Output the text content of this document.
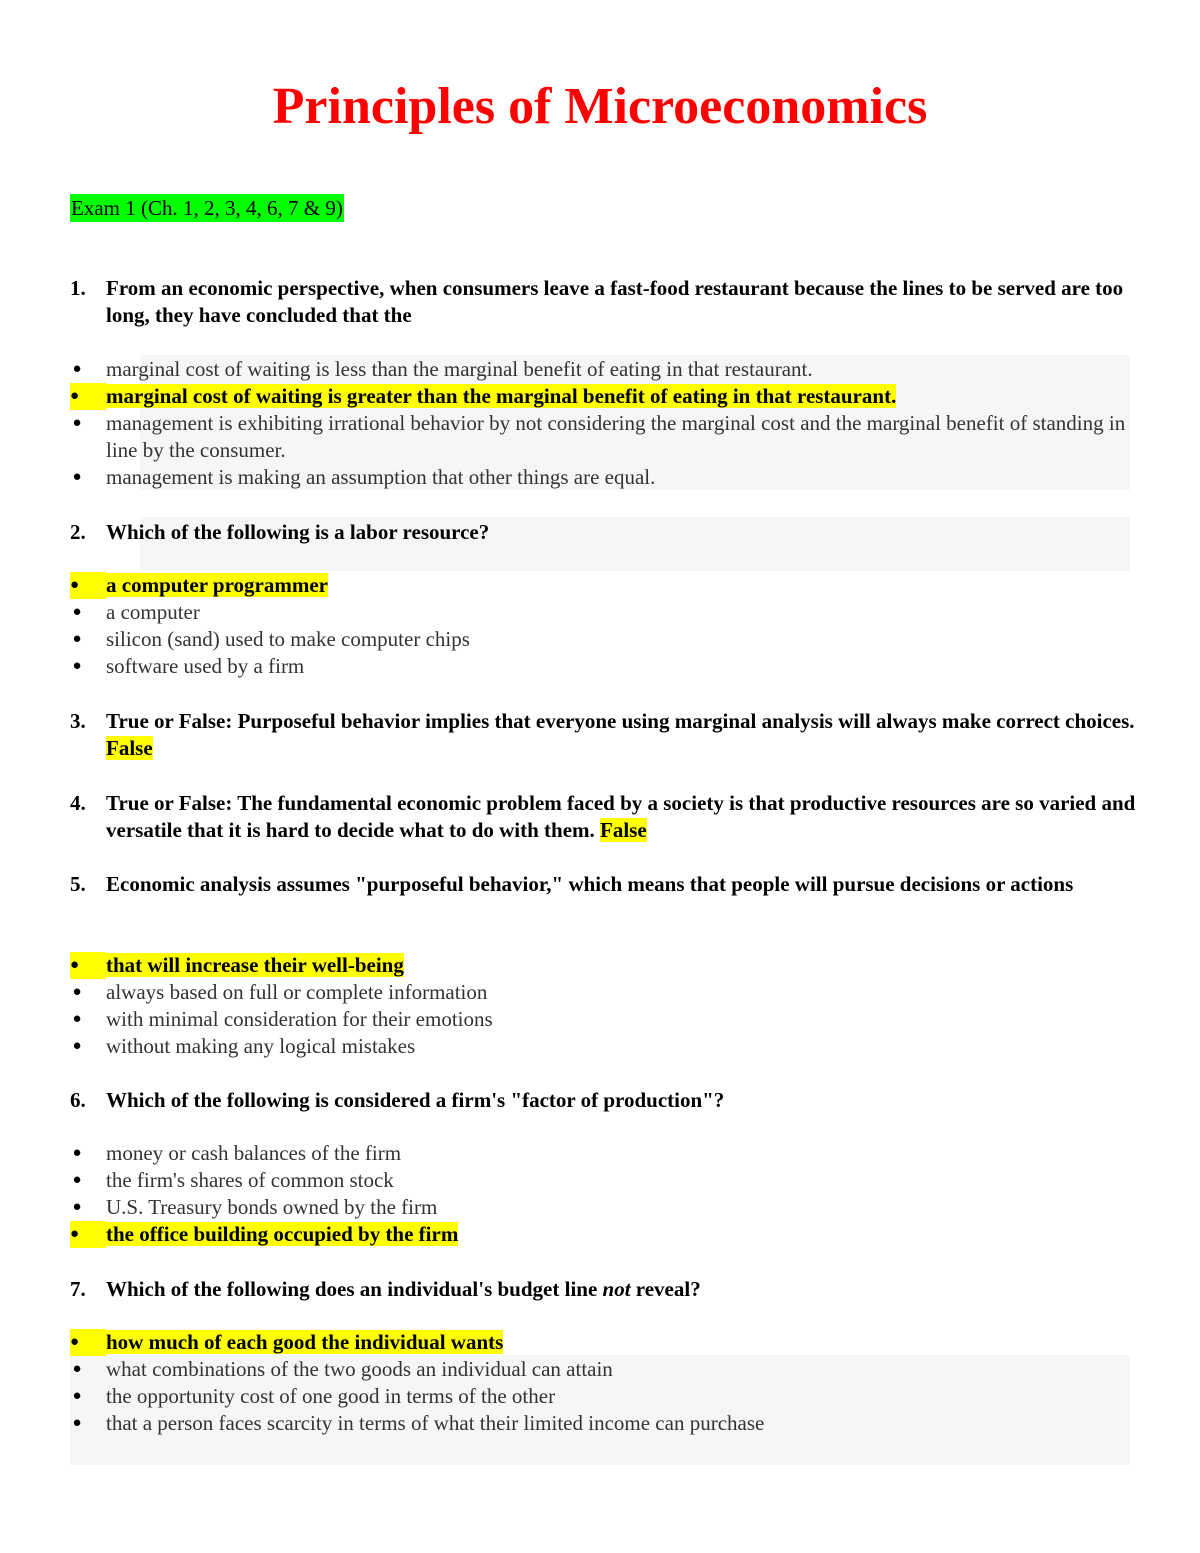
Principles of Microeconomics
Exam 1 (Ch. 1, 2, 3, 4, 6, 7 & 9)
1. From an economic perspective, when consumers leave a fast-food restaurant because the lines to be served are too long, they have concluded that the
● marginal cost of waiting is less than the marginal benefit of eating in that restaurant.
●	marginal cost of waiting is greater than the marginal benefit of eating in that restaurant.
● management is exhibiting irrational behavior by not considering the marginal cost and the marginal benefit of standing in line by the consumer.
● management is making an assumption that other things are equal.
2. Which of the following is a labor resource?
●	a computer programmer
● a computer
● silicon (sand) used to make computer chips
● software used by a firm
3. True or False: Purposeful behavior implies that everyone using marginal analysis will always make correct choices. False
4. True or False: The fundamental economic problem faced by a society is that productive resources are so varied and versatile that it is hard to decide what to do with them. False
5. Economic analysis assumes "purposeful behavior," which means that people will pursue decisions or actions
●	that will increase their well-being
● always based on full or complete information
● with minimal consideration for their emotions
● without making any logical mistakes
6. Which of the following is considered a firm's "factor of production"?
● money or cash balances of the firm
● the firm's shares of common stock
● U.S. Treasury bonds owned by the firm
●	the office building occupied by the firm
7. Which of the following does an individual's budget line not reveal?
●	how much of each good the individual wants
● what combinations of the two goods an individual can attain
● the opportunity cost of one good in terms of the other
● that a person faces scarcity in terms of what their limited income can purchase
